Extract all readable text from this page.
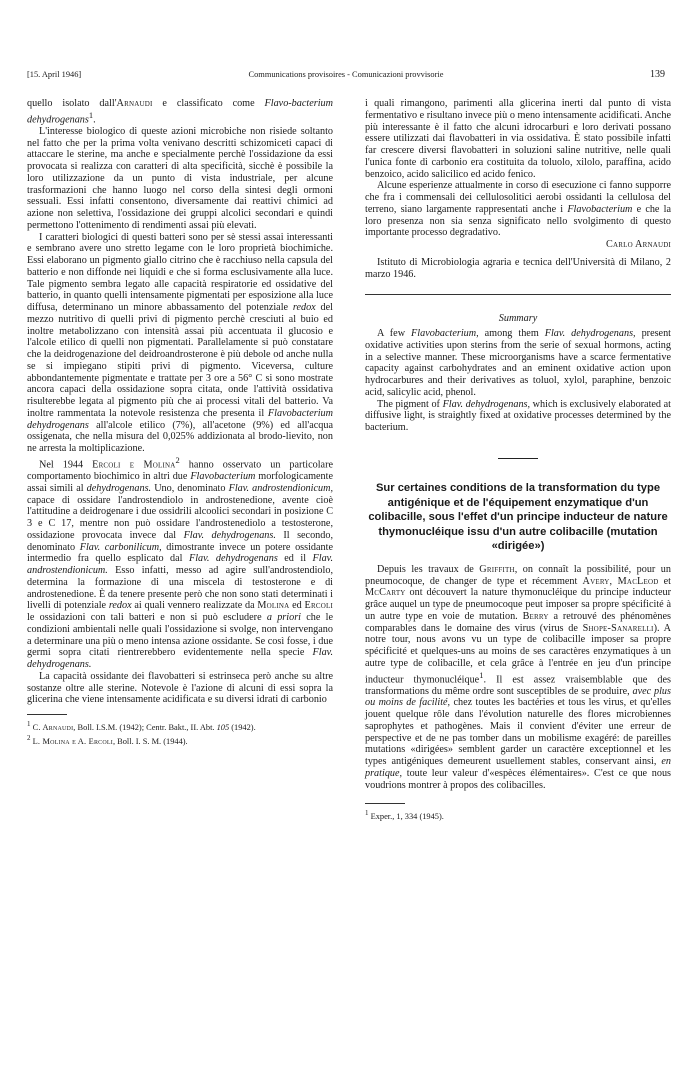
[15. April 1946]	Communications provisoires - Comunicazioni provvisorie	139

quello isolato dall'Arnaudi e classificato come Flavo-bacterium dehydrogenans$^1$.

L'interesse biologico di queste azioni microbiche non risiede soltanto nel fatto che per la prima volta venivano descritti schizomiceti capaci di attaccare le sterine, ma anche e specialmente perchè l'ossidazione da essi provocata si realizza con caratteri di alta specificità, sicchè è possibile la loro utilizzazione da un punto di vista industriale, per alcune trasformazioni che hanno luogo nel corso della sintesi degli ormoni sessuali. Essi infatti consentono, diversamente dai reattivi chimici ad azione non selettiva, l'ossidazione dei gruppi alcolici secondari e quindi permettono l'ottenimento di rendimenti assai più elevati.

I caratteri biologici di questi batteri sono per sè stessi assai interessanti e sembrano avere uno stretto legame con le loro proprietà biochimiche. Essi elaborano un pigmento giallo citrino che è racchiuso nella capsula del batterio e non diffonde nei liquidi e che si forma esclusivamente alla luce. Tale pigmento sembra legato alle capacità respiratorie ed ossidative del batterio, in quanto quelli intensamente pigmentati per esposizione alla luce diffusa, determinano un minore abbassamento del potenziale redox del mezzo nutritivo di quelli privi di pigmento perchè cresciuti al buio ed inoltre metabolizzano con intensità assai più accentuata il glucosio e l'alcole etilico di quelli non pigmentati. Parallelamente si può constatare che la deidrogenazione del deidroandrosterone è più debole od anche nulla se si impiegano stipiti privi di pigmento. Viceversa, culture abbondantemente pigmentate e trattate per 3 ore a 56° C si sono mostrate ancora capaci della ossidazione sopra citata, onde l'attività ossidativa risulterebbe legata al pigmento più che ai processi vitali del batterio. Va inoltre rammentata la notevole resistenza che presenta il Flavobacterium dehydrogenans all'alcole etilico (7%), all'acetone (9%) ed all'acqua ossigenata, che nella misura del 0,025% addizionata al brodo-lievito, non ne arresta la moltiplicazione.

Nel 1944 Ercoli e Molina$^2$ hanno osservato un particolare comportamento biochimico in altri due Flavobacterium morfologicamente assai simili al dehydrogenans. Uno, denominato Flav. androstendionicum, capace di ossidare l'androstendiolo in androstenedione, avente cioè l'attitudine a deidrogenare i due ossidrili alcoolici secondari in posizione C 3 e C 17, mentre non può ossidare l'androstenediolo a testosterone, ossidazione provocata invece dal Flav. dehydrogenans. Il secondo, denominato Flav. carbonilicum, dimostrante invece un potere ossidante intermedio fra quello esplicato dal Flav. dehydrogenans ed il Flav. androstendionicum. Esso infatti, messo ad agire sull'androstendiolo, determina la formazione di una miscela di testosterone e di androstenedione. È da tenere presente però che non sono stati determinati i livelli di potenziale redox ai quali vennero realizzate da Molina ed Ercoli le ossidazioni con tali batteri e non si può escludere a priori che le condizioni ambientali nelle quali l'ossidazione si svolge, non intervengano a determinare una più o meno intensa azione ossidante. Se così fosse, i due germi sopra citati rientrerebbero evidentemente nella specie Flav. dehydrogenans.

La capacità ossidante dei flavobatteri si estrinseca però anche su altre sostanze oltre alle sterine. Notevole è l'azione di alcuni di essi sopra la glicerina che viene intensamente acidificata e su diversi idrati di carbonio

$^1$ C. Arnaudi, Boll. I.S.M. (1942); Centr. Bakt., II. Abt. 105 (1942).

$^2$ L. Molina e A. Ercoli, Boll. I. S. M. (1944).

i quali rimangono, parimenti alla glicerina inerti dal punto di vista fermentativo e risultano invece più o meno intensamente acidificati. Anche più interessante è il fatto che alcuni idrocarburi e loro derivati possano essere utilizzati dai flavobatteri in via ossidativa. È stato possibile infatti far crescere diversi flavobatteri in soluzioni saline nutritive, nelle quali l'unica fonte di carbonio era costituita da toluolo, xilolo, paraffina, acido benzoico, acido salicilico ed acido fenico.

Alcune esperienze attualmente in corso di esecuzione ci fanno supporre che fra i commensali dei cellulosolitici aerobi ossidanti la cellulosa del terreno, siano largamente rappresentati anche i Flavobacterium e che la loro presenza non sia senza significato nello svolgimento di questo importante processo degradativo.

Carlo Arnaudi

Istituto di Microbiologia agraria e tecnica dell'Università di Milano, 2 marzo 1946.

Summary

A few Flavobacterium, among them Flav. dehydrogenans, present oxidative activities upon sterins from the serie of sexual hormons, acting in a selective manner. These microorganisms have a scarce fermentative capacity against carbohydrates and an eminent oxidative action upon hydrocarbures and their derivatives as toluol, xylol, paraphine, benzoic acid, salicylic acid, phenol.

The pigment of Flav. dehydrogenans, which is exclusively elaborated at diffusive light, is straightly fixed at oxidative processes determined by the bacterium.

Sur certaines conditions de la transformation du type antigénique et de l'équipement enzymatique d'un colibacille, sous l'effet d'un principe inducteur de nature thymonucléique issu d'un autre colibacille (mutation «dirigée»)

Depuis les travaux de Griffith, on connaît la possibilité, pour un pneumocoque, de changer de type et récemment Avery, MacLeod et McCarty ont découvert la nature thymonucléique du principe inducteur grâce auquel un type de pneumocoque peut imposer sa propre spécificité à un autre type en voie de mutation. Berry a retrouvé des phénomènes comparables dans le domaine des virus (virus de Shope-Sanarelli). A notre tour, nous avons vu un type de colibacille imposer sa propre spécificité et quelques-uns au moins de ses caractères enzymatiques à un autre type de colibacille, et cela grâce à l'entrée en jeu d'un principe inducteur thymonucléique$^1$. Il est assez vraisemblable que des transformations du même ordre sont susceptibles de se produire, avec plus ou moins de facilité, chez toutes les bactéries et tous les virus, et qu'elles jouent quelque rôle dans l'évolution naturelle des flores microbiennes saprophytes et pathogènes. Mais il convient d'éviter une erreur de perspective et de ne pas tomber dans un mobilisme exagéré: de pareilles mutations «dirigées» semblent garder un caractère exceptionnel et les types antigéniques demeurent usuellement stables, conservant ainsi, en pratique, toute leur valeur d'«espèces élémentaires». C'est ce que nous voudrions montrer à propos des colibacilles.

$^1$ Exper., 1, 334 (1945).
